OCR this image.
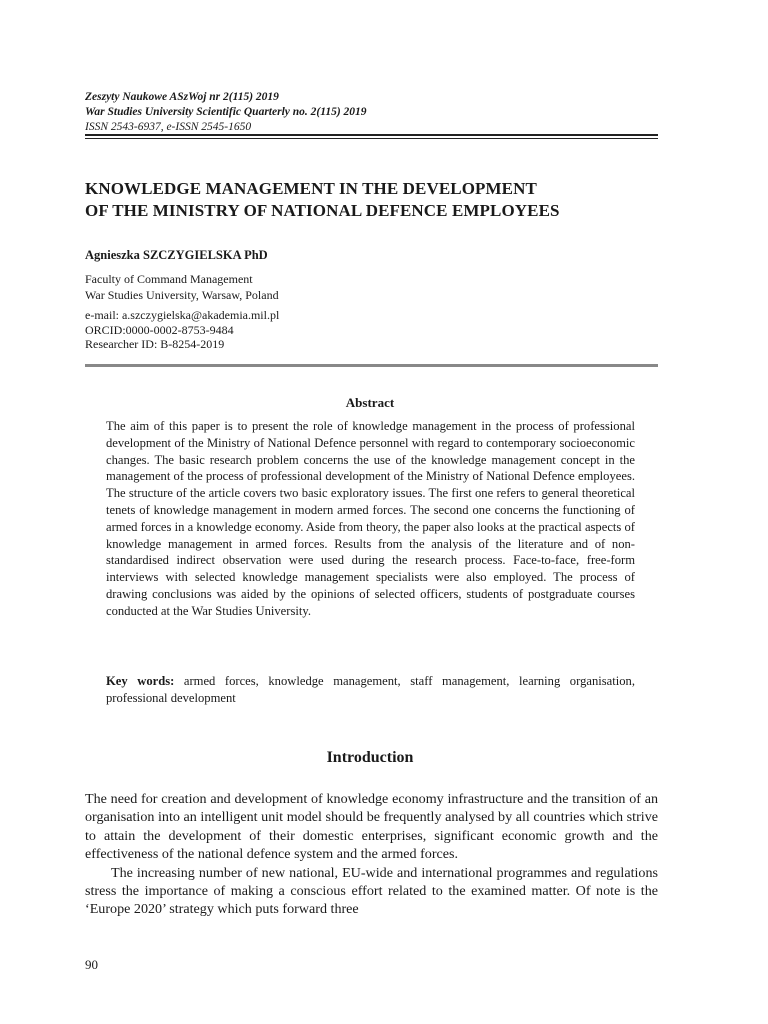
Zeszyty Naukowe ASzWoj nr 2(115) 2019
War Studies University Scientific Quarterly no. 2(115) 2019
ISSN 2543-6937, e-ISSN 2545-1650
KNOWLEDGE MANAGEMENT IN THE DEVELOPMENT
OF THE MINISTRY OF NATIONAL DEFENCE EMPLOYEES
Agnieszka SZCZYGIELSKA PhD
Faculty of Command Management
War Studies University, Warsaw, Poland
e-mail: a.szczygielska@akademia.mil.pl
ORCID:0000-0002-8753-9484
Researcher ID: B-8254-2019
Abstract
The aim of this paper is to present the role of knowledge management in the process of professional development of the Ministry of National Defence personnel with regard to contemporary socioeconomic changes. The basic research problem concerns the use of the knowledge management concept in the management of the process of professional development of the Ministry of National Defence employees. The structure of the article covers two basic exploratory issues. The first one refers to general theoretical tenets of knowledge management in modern armed forces. The second one concerns the functioning of armed forces in a knowledge economy. Aside from theory, the paper also looks at the practical aspects of knowledge management in armed forces. Results from the analysis of the literature and of non-standardised indirect observation were used during the research process. Face-to-face, free-form interviews with selected knowledge management specialists were also employed. The process of drawing conclusions was aided by the opinions of selected officers, students of postgraduate courses conducted at the War Studies University.
Key words: armed forces, knowledge management, staff management, learning organisation, professional development
Introduction

The need for creation and development of knowledge economy infrastructure and the transition of an organisation into an intelligent unit model should be frequently analysed by all countries which strive to attain the development of their domestic enterprises, significant economic growth and the effectiveness of the national defence system and the armed forces.

The increasing number of new national, EU-wide and international programmes and regulations stress the importance of making a conscious effort related to the examined matter. Of note is the ‘Europe 2020’ strategy which puts forward three

90
